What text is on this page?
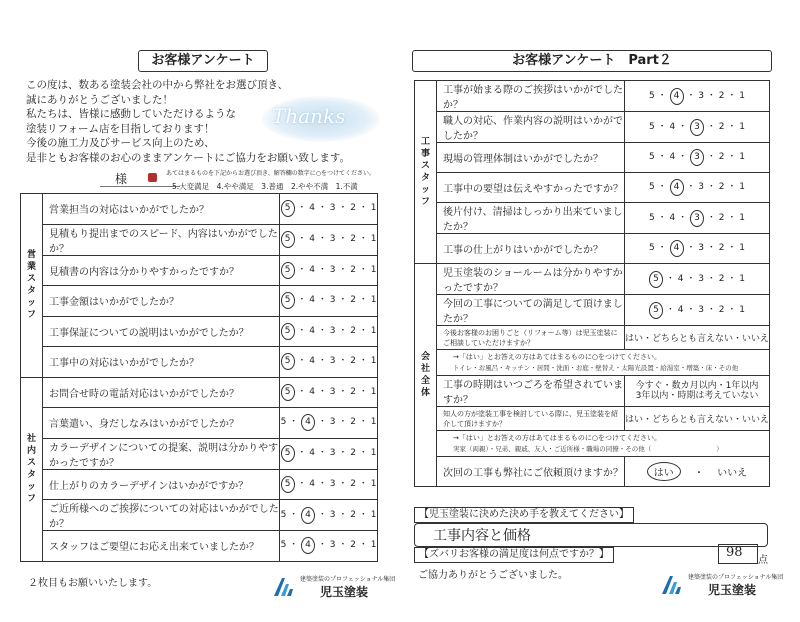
お客様アンケート
Thanks
この度は、数ある塗装会社の中から弊社をお選び頂き、
誠にありがとうございました！
私たちは、皆様に感動していただけるような
塗装リフォーム店を目指しております！
今後の施工力及びサービス向上のため、
是非ともお客様のお心のままアンケートにご協力をお願い致します。
様	あてはまるものを下記からお選び頂き、解答欄の数字に○をつけてください。
5.大変満足　4.やや満足　3.普通　2.やや不満　1.不満
営業スタッフ	営業担当の対応はいかがでしたか？	5 ・ 4 ・ 3 ・ 2 ・ 1
	見積もり提出までのスピード、内容はいかがでしたか？	5 ・ 4 ・ 3 ・ 2 ・ 1
	見積書の内容は分かりやすかったですか？	5 ・ 4 ・ 3 ・ 2 ・ 1
	工事金額はいかがでしたか？	5 ・ 4 ・ 3 ・ 2 ・ 1
	工事保証についての説明はいかがでしたか？	5 ・ 4 ・ 3 ・ 2 ・ 1
	工事中の対応はいかがでしたか？	5 ・ 4 ・ 3 ・ 2 ・ 1
社内スタッフ	お問合せ時の電話対応はいかがでしたか？	5 ・ 4 ・ 3 ・ 2 ・ 1
	言葉遣い、身だしなみはいかがでしたか？	5 ・ 4 ・ 3 ・ 2 ・ 1
	カラーデザインについての提案、説明は分かりやすかったですか？	5 ・ 4 ・ 3 ・ 2 ・ 1
	仕上がりのカラーデザインはいかがですか？	5 ・ 4 ・ 3 ・ 2 ・ 1
	ご近所様へのご挨拶についての対応はいかがでしたか？	5 ・ 4 ・ 3 ・ 2 ・ 1
	スタッフはご要望にお応え出来ていましたか？	5 ・ 4 ・ 3 ・ 2 ・ 1
２枚目もお願いいたします。	建築塗装のプロフェッショナル集団
児玉塗装
お客様アンケート　Part２
工事スタッフ	工事が始まる際のご挨拶はいかがでしたか？	5 ・ 4 ・ 3 ・ 2 ・ 1
	職人の対応、作業内容の説明はいかがでしたか？	5 ・ 4 ・ 3 ・ 2 ・ 1
	現場の管理体制はいかがでしたか？	5 ・ 4 ・ 3 ・ 2 ・ 1
	工事中の要望は伝えやすかったですか？	5 ・ 4 ・ 3 ・ 2 ・ 1
	後片付け、清掃はしっかり出来ていましたか？	5 ・ 4 ・ 3 ・ 2 ・ 1
	工事の仕上がりはいかがでしたか？	5 ・ 4 ・ 3 ・ 2 ・ 1
会社全体	児玉塗装のショールームは分かりやすかったですか？	5 ・ 4 ・ 3 ・ 2 ・ 1
	今回の工事についての満足して頂けましたか？	5 ・ 4 ・ 3 ・ 2 ・ 1
	今後お客様のお困りごと（リフォーム等）は児玉塗装にご相談していただけますか？	はい・どちらとも言えない・いいえ

	→「はい」とお答えの方はあてはまるものに○をつけてください。
トイレ・お風呂・キッチン・居間・洗面・お庭・壁替え・太陽光設置・給湯室・増築・床・その他	

	工事の時期はいつごろを希望されていますか？	今すぐ・数カ月以内・1年以内
3年以内・時期は考えていない

	知人の方が塗装工事を検討している際に、児玉塗装を紹介して頂けますか？	はい・どちらとも言えない・いいえ

	→「はい」とお答えの方はあてはまるものに○をつけてください。
実家（両親）・兄弟、親戚、友人・ご近所様・職場の同僚・その他（　　　　　　　　　　）	

	次回の工事も弊社にご依頼頂けますか？	はい ・ いいえ
【児玉塗装に決めた決め手を教えてください】
工事内容と価格
【ズバリお客様の満足度は何点ですか？】	98
点
ご協力ありがとうございました。	建築塗装のプロフェッショナル集団
児玉塗装
